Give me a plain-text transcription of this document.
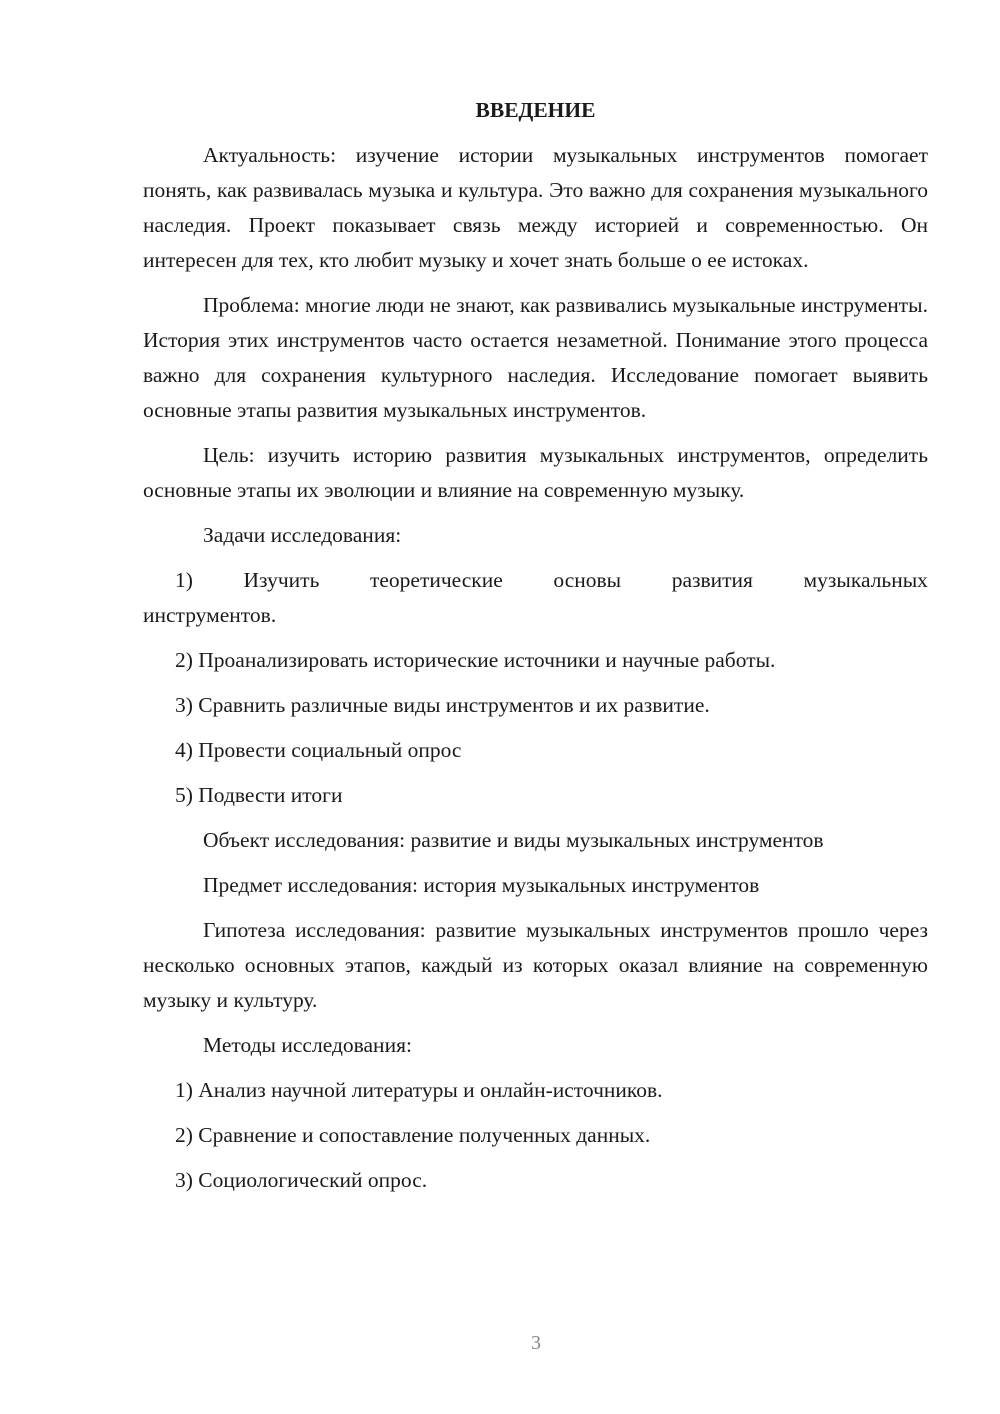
ВВЕДЕНИЕ

Актуальность: изучение истории музыкальных инструментов помогает понять, как развивалась музыка и культура. Это важно для сохранения музыкального наследия. Проект показывает связь между историей и современностью. Он интересен для тех, кто любит музыку и хочет знать больше о ее истоках.

Проблема: многие люди не знают, как развивались музыкальные инструменты. История этих инструментов часто остается незаметной. Понимание этого процесса важно для сохранения культурного наследия. Исследование помогает выявить основные этапы развития музыкальных инструментов.

Цель: изучить историю развития музыкальных инструментов, определить основные этапы их эволюции и влияние на современную музыку.

Задачи исследования:

1) Изучить теоретические основы развития музыкальных
инструментов.

2) Проанализировать исторические источники и научные работы.

3) Сравнить различные виды инструментов и их развитие.

4) Провести социальный опрос

5) Подвести итоги

Объект исследования: развитие и виды музыкальных инструментов

Предмет исследования: история музыкальных инструментов

Гипотеза исследования: развитие музыкальных инструментов прошло через несколько основных этапов, каждый из которых оказал влияние на современную музыку и культуру.

Методы исследования:

1) Анализ научной литературы и онлайн-источников.

2) Сравнение и сопоставление полученных данных.

3) Социологический опрос.

3
